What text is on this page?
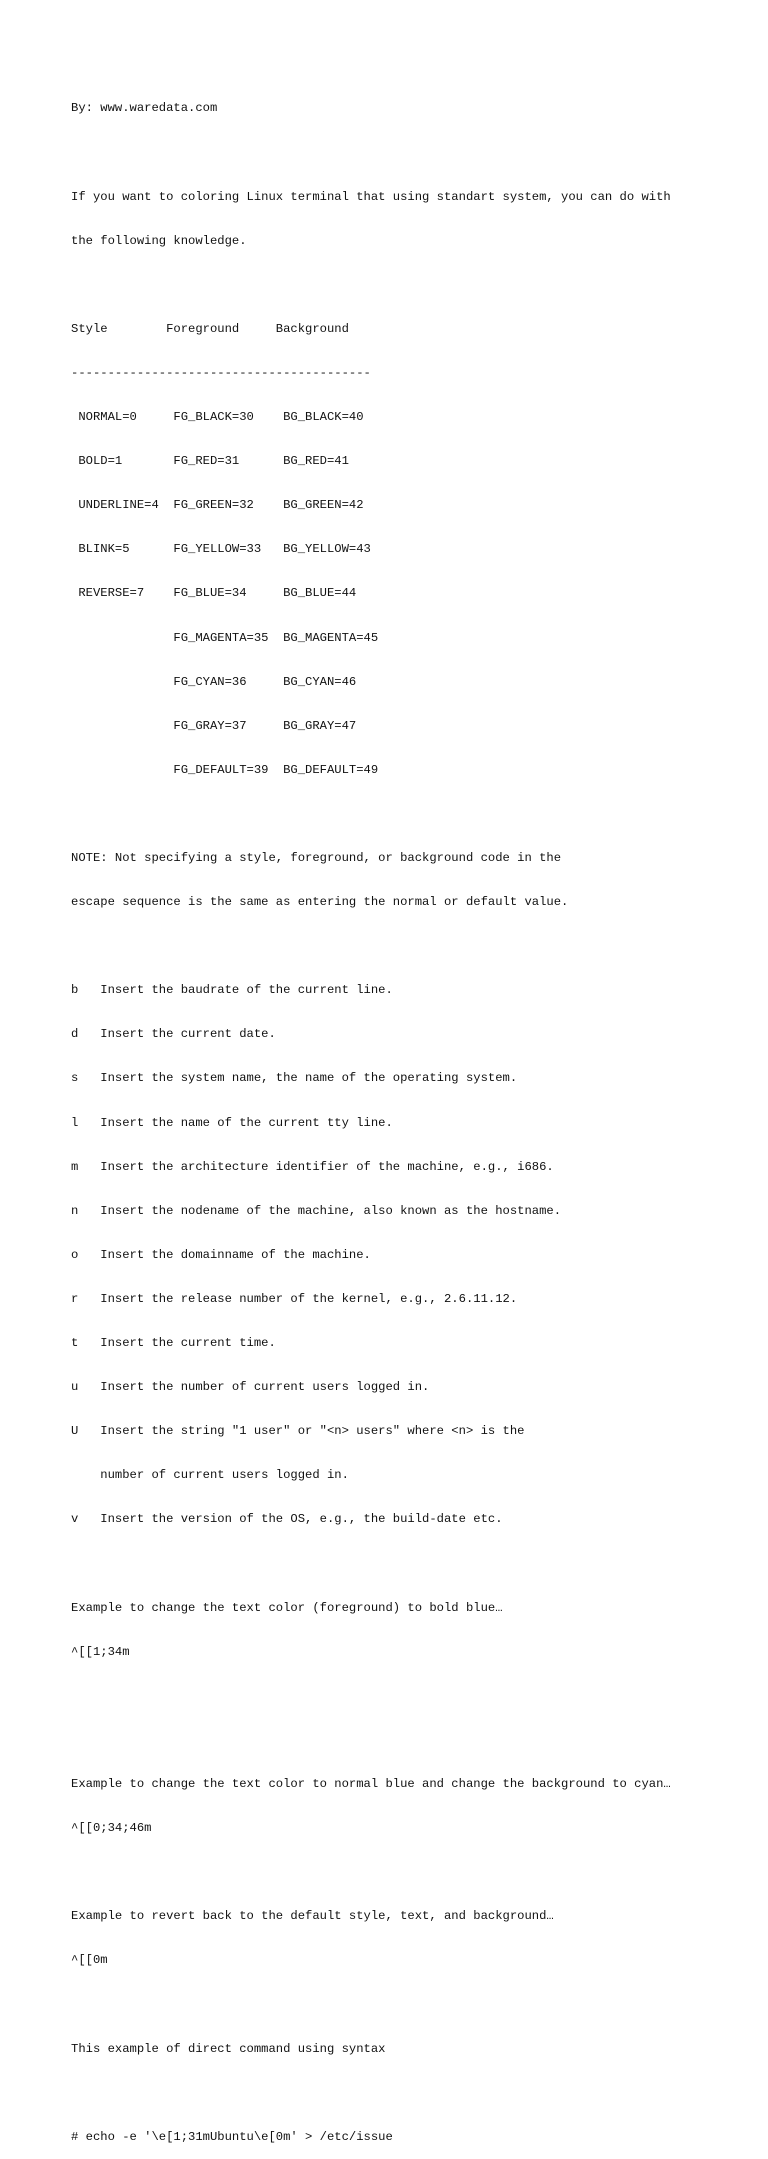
By: www.waredata.com

If you want to coloring Linux terminal that using standart system, you can do with

the following knowledge.

Style        Foreground     Background

-----------------------------------------

NORMAL=0     FG_BLACK=30    BG_BLACK=40

BOLD=1       FG_RED=31      BG_RED=41

UNDERLINE=4  FG_GREEN=32    BG_GREEN=42

BLINK=5      FG_YELLOW=33   BG_YELLOW=43

REVERSE=7    FG_BLUE=34     BG_BLUE=44

FG_MAGENTA=35  BG_MAGENTA=45

FG_CYAN=36     BG_CYAN=46

FG_GRAY=37     BG_GRAY=47

FG_DEFAULT=39  BG_DEFAULT=49

NOTE: Not specifying a style, foreground, or background code in the

escape sequence is the same as entering the normal or default value.

b   Insert the baudrate of the current line.

d   Insert the current date.

s   Insert the system name, the name of the operating system.

l   Insert the name of the current tty line.

m   Insert the architecture identifier of the machine, e.g., i686.

n   Insert the nodename of the machine, also known as the hostname.

o   Insert the domainname of the machine.

r   Insert the release number of the kernel, e.g., 2.6.11.12.

t   Insert the current time.

u   Insert the number of current users logged in.

U   Insert the string "1 user" or "<n> users" where <n> is the

number of current users logged in.

v   Insert the version of the OS, e.g., the build-date etc.

Example to change the text color (foreground) to bold blue…

^[[1;34m

Example to change the text color to normal blue and change the background to cyan…

^[[0;34;46m

Example to revert back to the default style, text, and background…

^[[0m

This example of direct command using syntax

# echo -e '\e[1;31mUbuntu\e[0m' > /etc/issue
